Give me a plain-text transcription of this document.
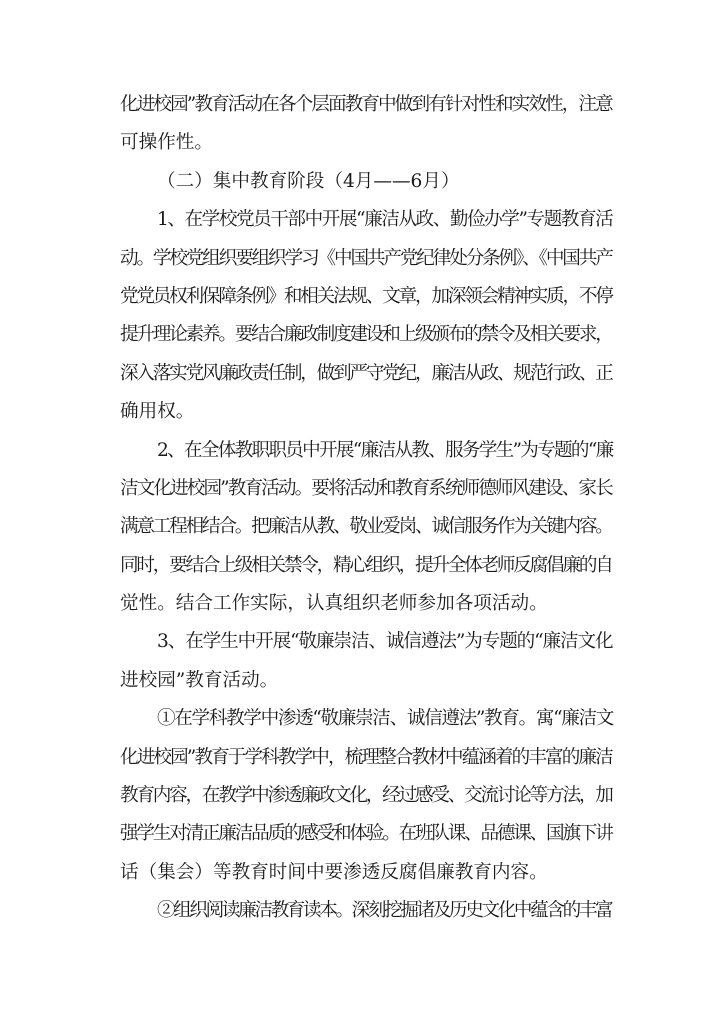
化进校园”教育活动在各个层面教育中做到有针对性和实效性，注意
可操作性。
（二）集中教育阶段（4月——6月）
1、在学校党员干部中开展“廉洁从政、勤俭办学”专题教育活
动。学校党组织要组织学习《中国共产党纪律处分条例》、《中国共产
党党员权利保障条例》和相关法规、文章，加深领会精神实质，不停
提升理论素养。要结合廉政制度建设和上级颁布的禁令及相关要求，
深入落实党风廉政责任制，做到严守党纪，廉洁从政、规范行政、正
确用权。
2、在全体教职职员中开展“廉洁从教、服务学生”为专题的“廉
洁文化进校园”教育活动。要将活动和教育系统师德师风建设、家长
满意工程相结合。把廉洁从教、敬业爱岗、诚信服务作为关键内容。
同时，要结合上级相关禁令，精心组织，提升全体老师反腐倡廉的自
觉性。结合工作实际，认真组织老师参加各项活动。
3、在学生中开展“敬廉崇洁、诚信遵法”为专题的“廉洁文化
进校园”教育活动。
①在学科教学中渗透“敬廉崇洁、诚信遵法”教育。寓“廉洁文
化进校园”教育于学科教学中，梳理整合教材中蕴涵着的丰富的廉洁
教育内容，在教学中渗透廉政文化，经过感受、交流讨论等方法，加
强学生对清正廉洁品质的感受和体验。在班队课、品德课、国旗下讲
话（集会）等教育时间中要渗透反腐倡廉教育内容。
②组织阅读廉洁教育读本。深刻挖掘诸及历史文化中蕴含的丰富
